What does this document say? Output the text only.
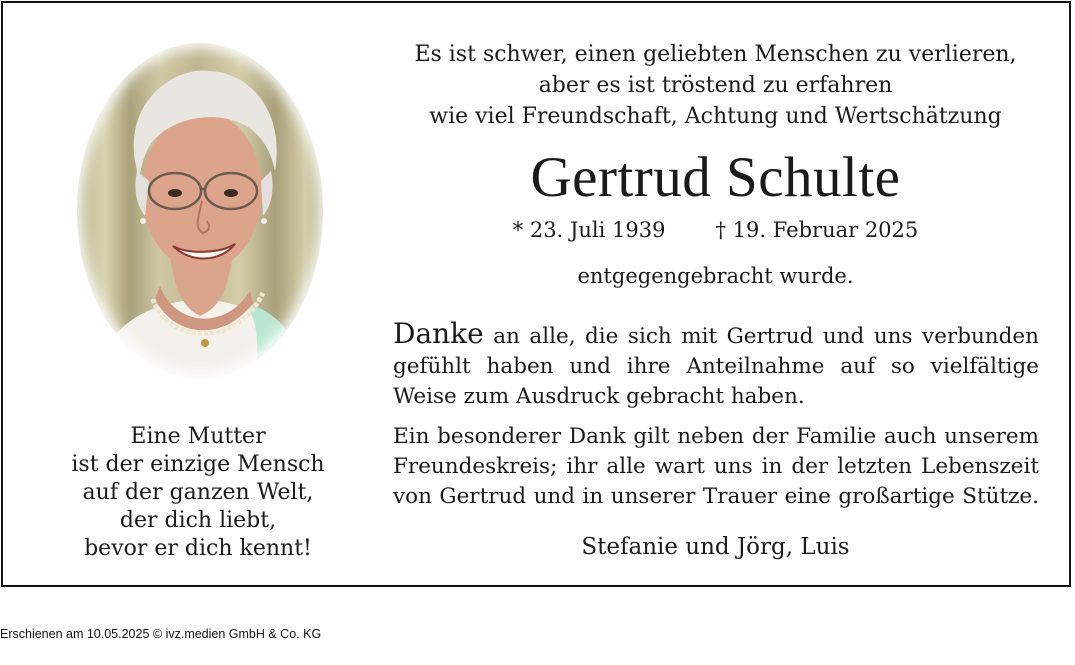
Eine Mutter
ist der einzige Mensch
auf der ganzen Welt,
der dich liebt,
bevor er dich kennt!
Es ist schwer, einen geliebten Menschen zu verlieren,
aber es ist tröstend zu erfahren
wie viel Freundschaft, Achtung und Wertschätzung
Gertrud Schulte
* 23. Juli 1939 † 19. Februar 2025
entgegengebracht wurde.
Danke an alle, die sich mit Gertrud und uns verbunden
gefühlt haben und ihre Anteilnahme auf so vielfältige
Weise zum Ausdruck gebracht haben.
Ein besonderer Dank gilt neben der Familie auch unserem
Freundeskreis; ihr alle wart uns in der letzten Lebenszeit
von Gertrud und in unserer Trauer eine großartige Stütze.
Stefanie und Jörg, Luis
Erschienen am 10.05.2025 © ivz.medien GmbH & Co. KG
